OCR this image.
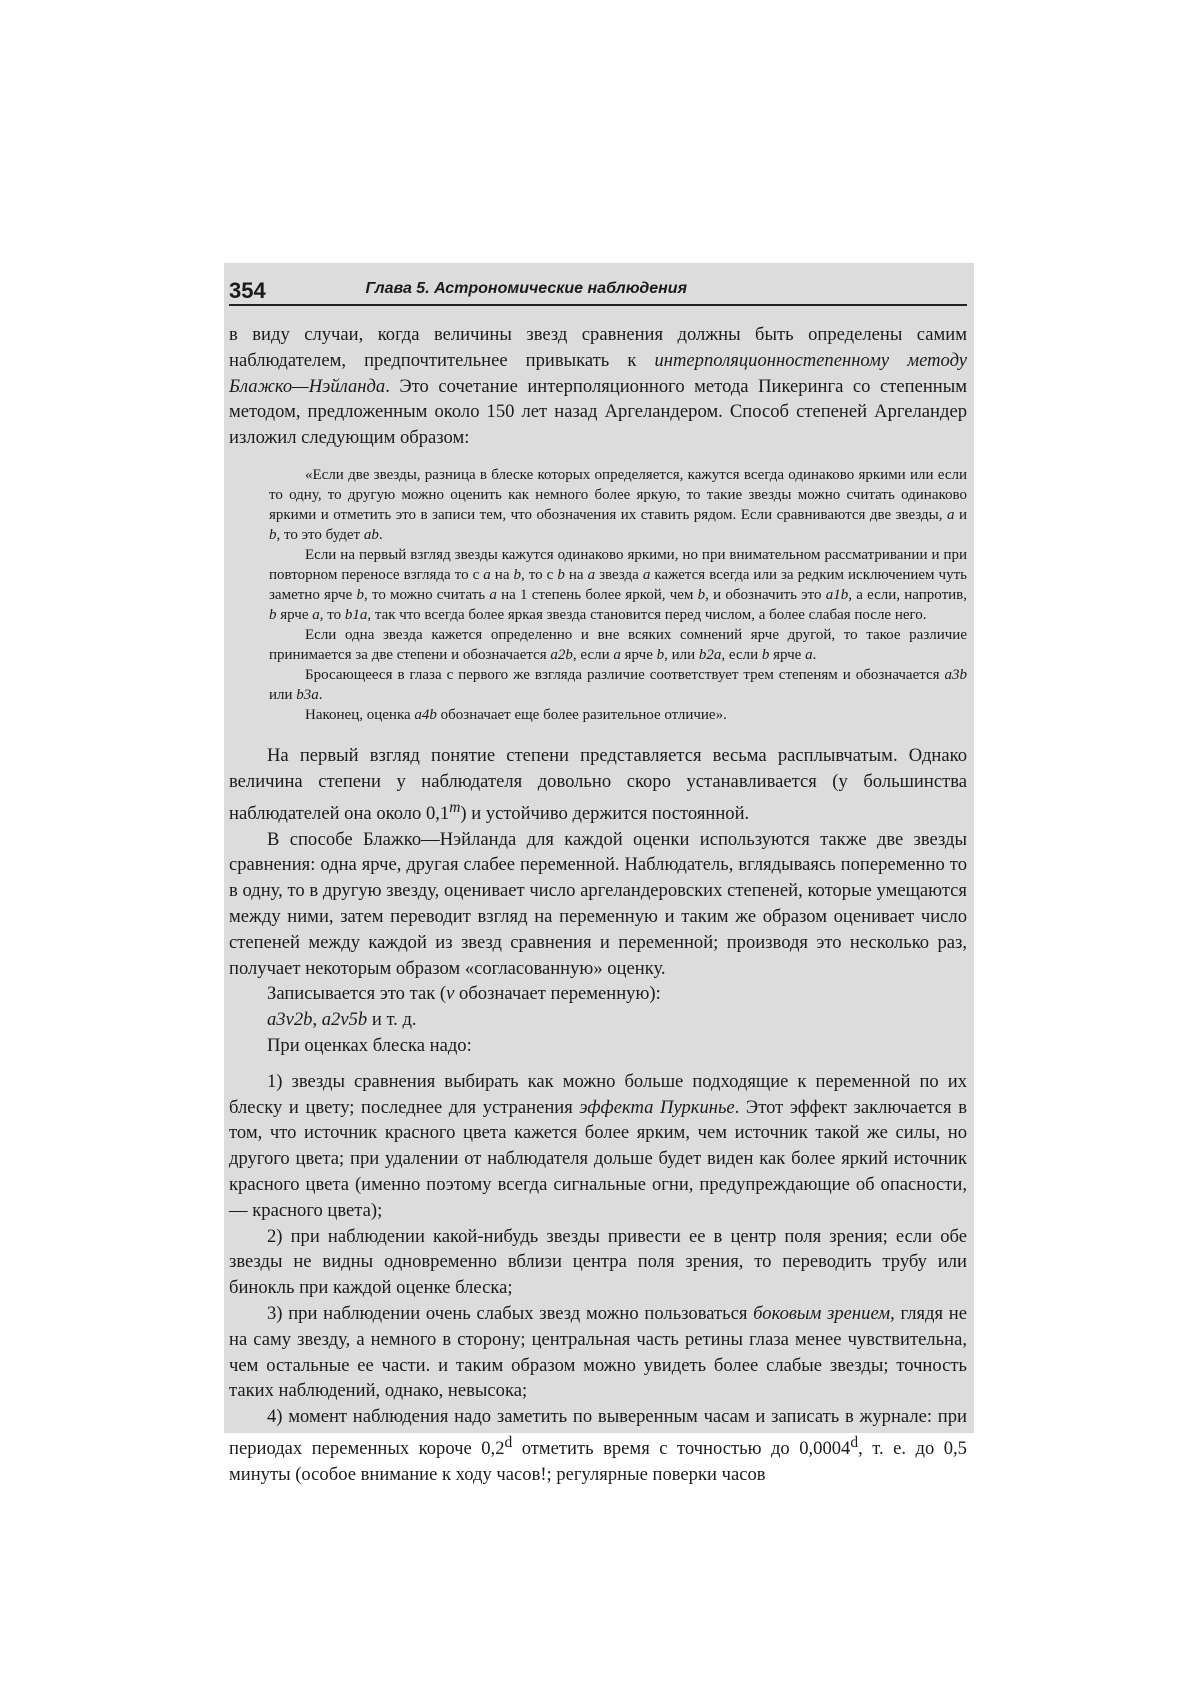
354	Глава 5. Астрономические наблюдения

в виду случаи, когда величины звезд сравнения должны быть определены самим наблюдателем, предпочтительнее привыкать к интерполяционностепенному методу Блажко—Нэйланда. Это сочетание интерполяционного метода Пикеринга со степенным методом, предложенным около 150 лет назад Аргеландером. Способ степеней Аргеландер изложил следующим образом:

«Если две звезды, разница в блеске которых определяется, кажутся всегда одинаково яркими или если то одну, то другую можно оценить как немного более яркую, то такие звезды можно считать одинаково яркими и отметить это в записи тем, что обозначения их ставить рядом. Если сравниваются две звезды, a и b, то это будет ab.

Если на первый взгляд звезды кажутся одинаково яркими, но при внимательном рассматривании и при повторном переносе взгляда то с a на b, то с b на a звезда a кажется всегда или за редким исключением чуть заметно ярче b, то можно считать a на 1 степень более яркой, чем b, и обозначить это a1b, а если, напротив, b ярче a, то b1a, так что всегда более яркая звезда становится перед числом, а более слабая после него.

Если одна звезда кажется определенно и вне всяких сомнений ярче другой, то такое различие принимается за две степени и обозначается a2b, если a ярче b, или b2a, если b ярче a.

Бросающееся в глаза с первого же взгляда различие соответствует трем степеням и обозначается a3b или b3a.

Наконец, оценка a4b обозначает еще более разительное отличие».

На первый взгляд понятие степени представляется весьма расплывчатым. Однако величина степени у наблюдателя довольно скоро устанавливается (у большинства наблюдателей она около 0,1$^m$) и устойчиво держится постоянной.

В способе Блажко—Нэйланда для каждой оценки используются также две звезды сравнения: одна ярче, другая слабее переменной. Наблюдатель, вглядываясь попеременно то в одну, то в другую звезду, оценивает число аргеландеровских степеней, которые умещаются между ними, затем переводит взгляд на переменную и таким же образом оценивает число степеней между каждой из звезд сравнения и переменной; производя это несколько раз, получает некоторым образом «согласованную» оценку.

Записывается это так (v обозначает переменную):

a3v2b, a2v5b и т. д.

При оценках блеска надо:

1) звезды сравнения выбирать как можно больше подходящие к переменной по их блеску и цвету; последнее для устранения эффекта Пуркинье. Этот эффект заключается в том, что источник красного цвета кажется более ярким, чем источник такой же силы, но другого цвета; при удалении от наблюдателя дольше будет виден как более яркий источник красного цвета (именно поэтому всегда сигнальные огни, предупреждающие об опасности, — красного цвета);

2) при наблюдении какой-нибудь звезды привести ее в центр поля зрения; если обе звезды не видны одновременно вблизи центра поля зрения, то переводить трубу или бинокль при каждой оценке блеска;

3) при наблюдении очень слабых звезд можно пользоваться боковым зрением, глядя не на саму звезду, а немного в сторону; центральная часть ретины глаза менее чувствительна, чем остальные ее части. и таким образом можно увидеть более слабые звезды; точность таких наблюдений, однако, невысока;

4) момент наблюдения надо заметить по выверенным часам и записать в журнале: при периодах переменных короче 0,2$^d$ отметить время с точностью до 0,0004$^d$, т. е. до 0,5 минуты (особое внимание к ходу часов!; регулярные поверки часов
